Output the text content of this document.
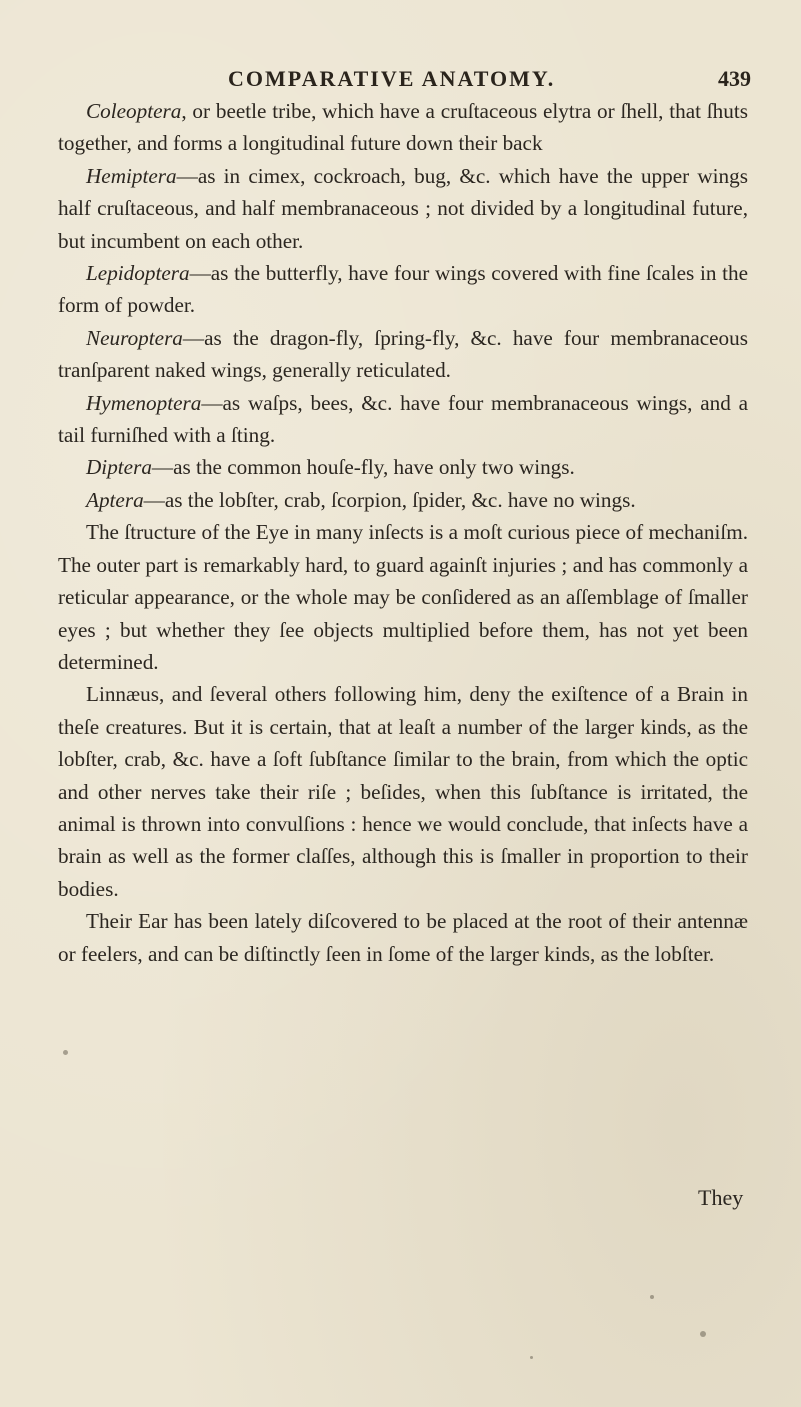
COMPARATIVE ANATOMY.	439

Coleoptera, or beetle tribe, which have a cruſtaceous elytra or ſhell, that ſhuts together, and forms a longitudinal future down their back

Hemiptera—as in cimex, cockroach, bug, &c. which have the upper wings half cruſtaceous, and half membranaceous ; not divided by a longitudinal future, but incumbent on each other.

Lepidoptera—as the butterfly, have four wings covered with fine ſcales in the form of powder.

Neuroptera—as the dragon-fly, ſpring-fly, &c. have four membranaceous tranſparent naked wings, generally reticulated.

Hymenoptera—as waſps, bees, &c. have four membranaceous wings, and a tail furniſhed with a ſting.

Diptera—as the common houſe-fly, have only two wings.

Aptera—as the lobſter, crab, ſcorpion, ſpider, &c. have no wings.

The ſtructure of the Eye in many inſects is a moſt curious piece of mechaniſm. The outer part is remarkably hard, to guard againſt injuries ; and has commonly a reticular appearance, or the whole may be conſidered as an aſſemblage of ſmaller eyes ; but whether they ſee objects multiplied before them, has not yet been determined.

Linnæus, and ſeveral others following him, deny the exiſtence of a Brain in theſe creatures. But it is certain, that at leaſt a number of the larger kinds, as the lobſter, crab, &c. have a ſoft ſubſtance ſimilar to the brain, from which the optic and other nerves take their riſe ; beſides, when this ſubſtance is irritated, the animal is thrown into convulſions : hence we would conclude, that inſects have a brain as well as the former claſſes, although this is ſmaller in proportion to their bodies.

Their Ear has been lately diſcovered to be placed at the root of their antennæ or feelers, and can be diſtinctly ſeen in ſome of the larger kinds, as the lobſter.

They
